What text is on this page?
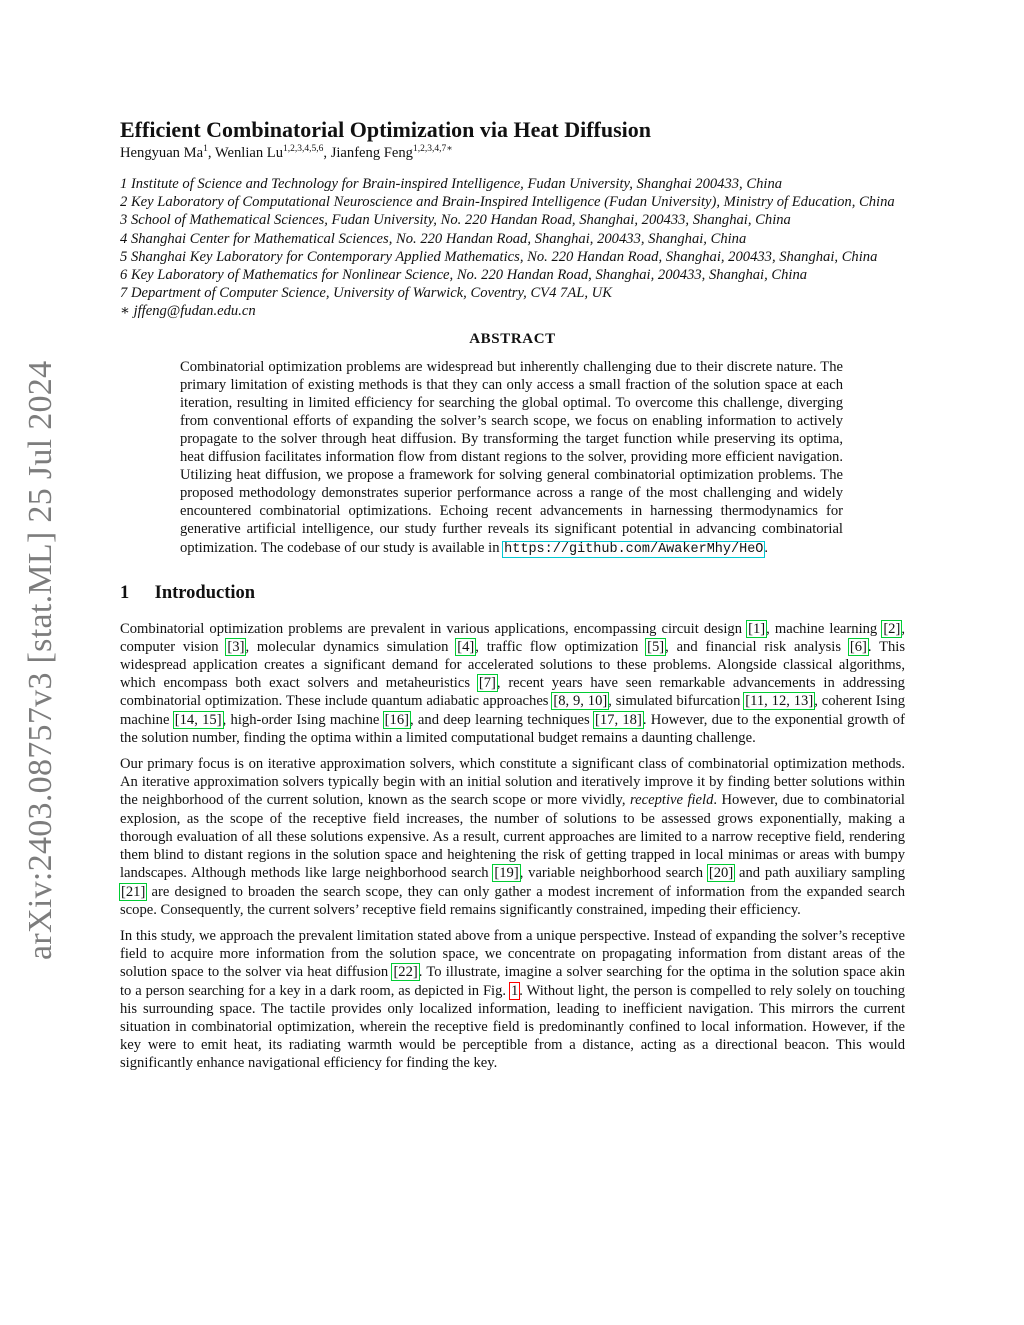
arXiv:2403.08757v3 [stat.ML] 25 Jul 2024
Efficient Combinatorial Optimization via Heat Diffusion
Hengyuan Ma$^1$, Wenlian Lu$^{1,2,3,4,5,6}$, Jianfeng Feng$^{1,2,3,4,7∗}$
1 Institute of Science and Technology for Brain-inspired Intelligence, Fudan University, Shanghai 200433, China
2 Key Laboratory of Computational Neuroscience and Brain-Inspired Intelligence (Fudan University), Ministry of Education, China
3 School of Mathematical Sciences, Fudan University, No. 220 Handan Road, Shanghai, 200433, Shanghai, China
4 Shanghai Center for Mathematical Sciences, No. 220 Handan Road, Shanghai, 200433, Shanghai, China
5 Shanghai Key Laboratory for Contemporary Applied Mathematics, No. 220 Handan Road, Shanghai, 200433, Shanghai, China
6 Key Laboratory of Mathematics for Nonlinear Science, No. 220 Handan Road, Shanghai, 200433, Shanghai, China
7 Department of Computer Science, University of Warwick, Coventry, CV4 7AL, UK
∗ jffeng@fudan.edu.cn
ABSTRACT
Combinatorial optimization problems are widespread but inherently challenging due to their discrete nature. The primary limitation of existing methods is that they can only access a small fraction of the solution space at each iteration, resulting in limited efficiency for searching the global optimal. To overcome this challenge, diverging from conventional efforts of expanding the solver’s search scope, we focus on enabling information to actively propagate to the solver through heat diffusion. By transforming the target function while preserving its optima, heat diffusion facilitates information flow from distant regions to the solver, providing more efficient navigation. Utilizing heat diffusion, we propose a framework for solving general combinatorial optimization problems. The proposed methodology demonstrates superior performance across a range of the most challenging and widely encountered combinatorial optimizations. Echoing recent advancements in harnessing thermodynamics for generative artificial intelligence, our study further reveals its significant potential in advancing combinatorial optimization. The codebase of our study is available in https://github.com/AwakerMhy/HeO.
1 Introduction

Combinatorial optimization problems are prevalent in various applications, encompassing circuit design [1], machine learning [2], computer vision [3], molecular dynamics simulation [4], traffic flow optimization [5], and financial risk analysis [6]. This widespread application creates a significant demand for accelerated solutions to these problems. Alongside classical algorithms, which encompass both exact solvers and metaheuristics [7], recent years have seen remarkable advancements in addressing combinatorial optimization. These include quantum adiabatic approaches [8, 9, 10], simulated bifurcation [11, 12, 13], coherent Ising machine [14, 15], high-order Ising machine [16], and deep learning techniques [17, 18]. However, due to the exponential growth of the solution number, finding the optima within a limited computational budget remains a daunting challenge.

Our primary focus is on iterative approximation solvers, which constitute a significant class of combinatorial optimization methods. An iterative approximation solvers typically begin with an initial solution and iteratively improve it by finding better solutions within the neighborhood of the current solution, known as the search scope or more vividly, receptive field. However, due to combinatorial explosion, as the scope of the receptive field increases, the number of solutions to be assessed grows exponentially, making a thorough evaluation of all these solutions expensive. As a result, current approaches are limited to a narrow receptive field, rendering them blind to distant regions in the solution space and heightening the risk of getting trapped in local minimas or areas with bumpy landscapes. Although methods like large neighborhood search [19], variable neighborhood search [20] and path auxiliary sampling [21] are designed to broaden the search scope, they can only gather a modest increment of information from the expanded search scope. Consequently, the current solvers’ receptive field remains significantly constrained, impeding their efficiency.

In this study, we approach the prevalent limitation stated above from a unique perspective. Instead of expanding the solver’s receptive field to acquire more information from the solution space, we concentrate on propagating information from distant areas of the solution space to the solver via heat diffusion [22]. To illustrate, imagine a solver searching for the optima in the solution space akin to a person searching for a key in a dark room, as depicted in Fig. 1. Without light, the person is compelled to rely solely on touching his surrounding space. The tactile provides only localized information, leading to inefficient navigation. This mirrors the current situation in combinatorial optimization, wherein the receptive field is predominantly confined to local information. However, if the key were to emit heat, its radiating warmth would be perceptible from a distance, acting as a directional beacon. This would significantly enhance navigational efficiency for finding the key.
